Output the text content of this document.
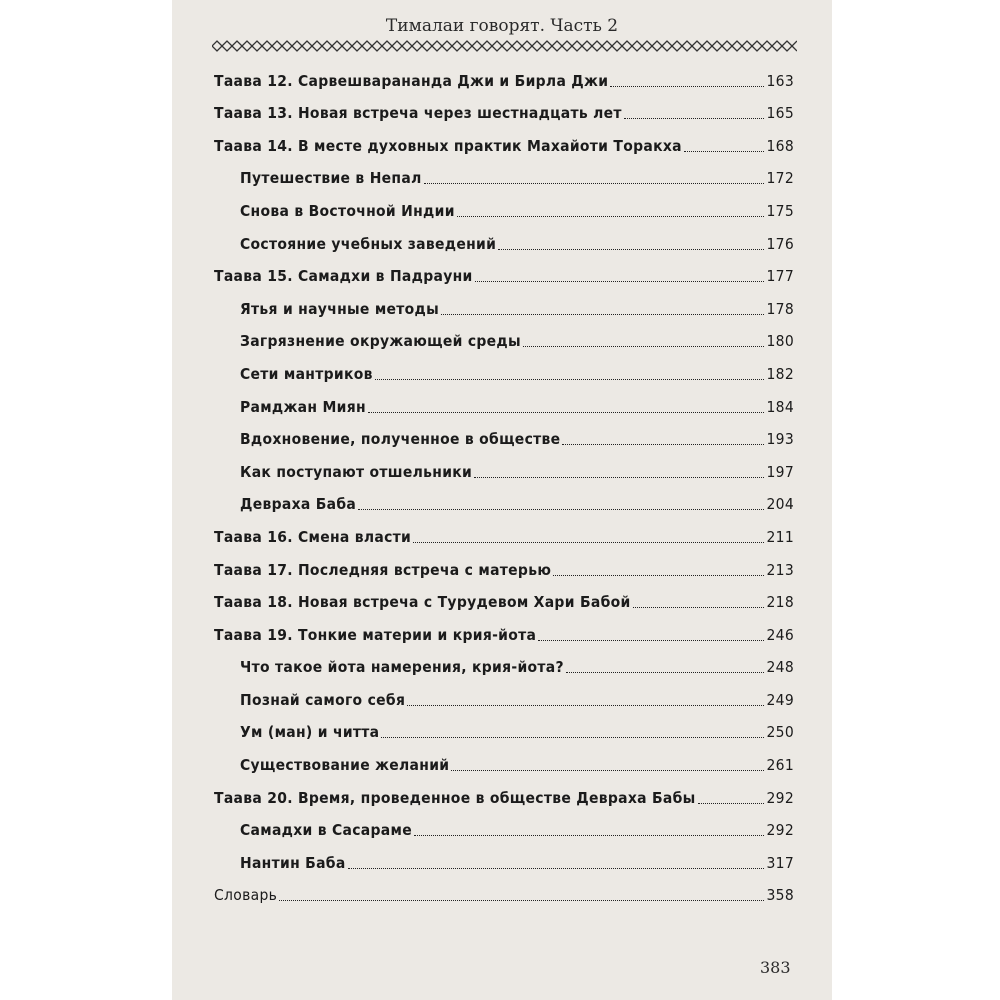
Тималаи говорят. Часть 2
Таава 12. Сарвешварананда Джи и Бирла Джи	163
Таава 13. Новая встреча через шестнадцать лет	165
Таава 14. В месте духовных практик Махайоти Торакха	168
Путешествие в Непал	172
Снова в Восточной Индии	175
Состояние учебных заведений	176
Таава 15. Самадхи в Падрауни	177
Ятья и научные методы	178
Загрязнение окружающей среды	180
Сети мантриков	182
Рамджан Миян	184
Вдохновение, полученное в обществе	193
Как поступают отшельники	197
Деврахa Баба	204
Таава 16. Смена власти	211
Таава 17. Последняя встреча с матерью	213
Таава 18. Новая встреча с Турудевом Хари Бабой	218
Таава 19. Тонкие материи и крия-йота	246
Что такое йота намерения, крия-йота?	248
Познай самого себя	249
Ум (ман) и читта	250
Существование желаний	261
Таава 20. Время, проведенное в обществе Деврахa Бабы	292
Самадхи в Сасараме	292
Нантин Баба	317
Словарь	358
383
